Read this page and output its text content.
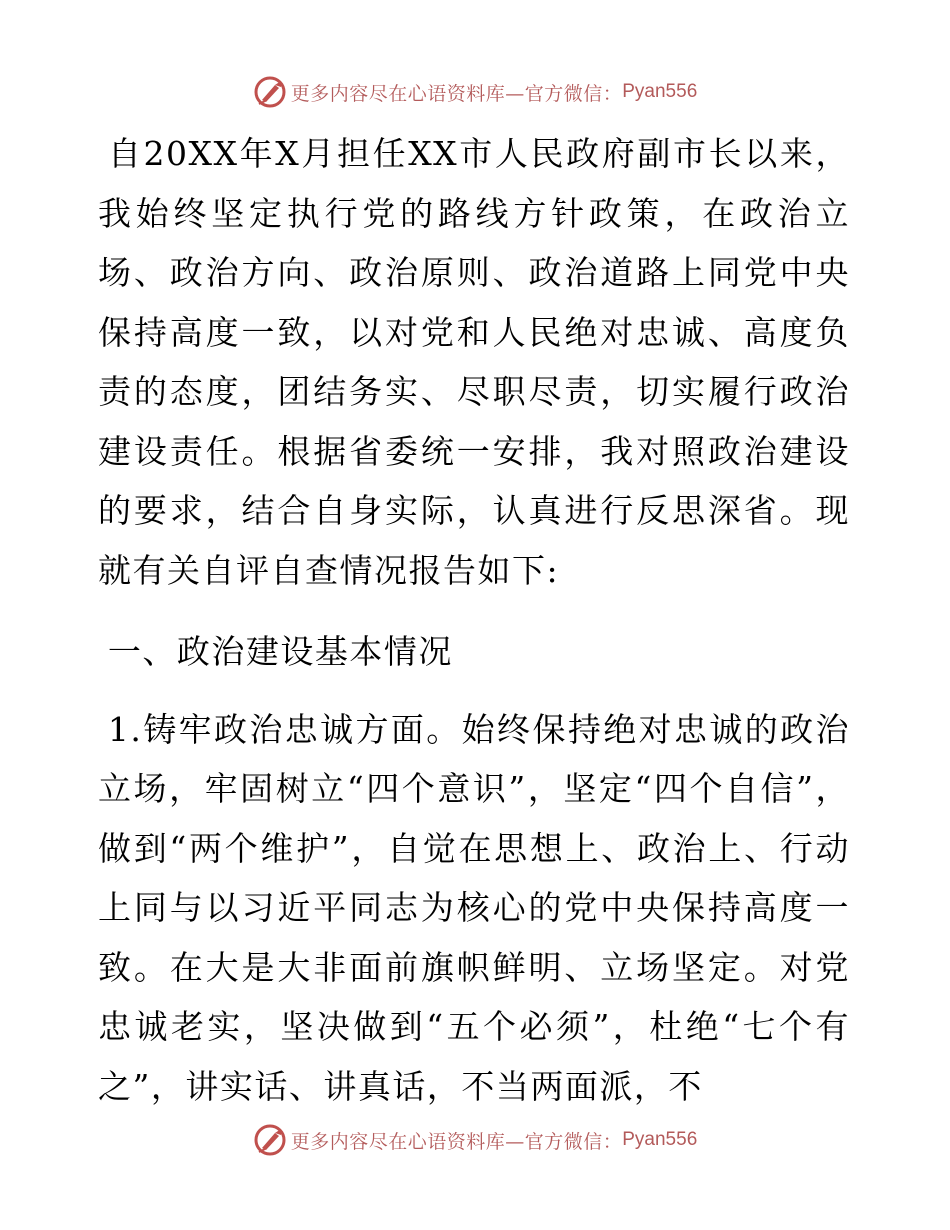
更多内容尽在心语资料库—官方微信： Pyan556

自20XX年X月担任XX市人民政府副市长以来，我始终坚定执行党的路线方针政策，在政治立场、政治方向、政治原则、政治道路上同党中央保持高度一致，以对党和人民绝对忠诚、高度负责的态度，团结务实、尽职尽责，切实履行政治建设责任。根据省委统一安排，我对照政治建设的要求，结合自身实际，认真进行反思深省。现就有关自评自查情况报告如下:

一、政治建设基本情况

1.铸牢政治忠诚方面。始终保持绝对忠诚的政治立场，牢固树立“四个意识”，坚定“四个自信”，做到“两个维护”，自觉在思想上、政治上、行动上同与以习近平同志为核心的党中央保持高度一致。在大是大非面前旗帜鲜明、立场坚定。对党忠诚老实，坚决做到“五个必须”，杜绝“七个有之”，讲实话、讲真话，不当两面派，不

更多内容尽在心语资料库—官方微信： Pyan556
